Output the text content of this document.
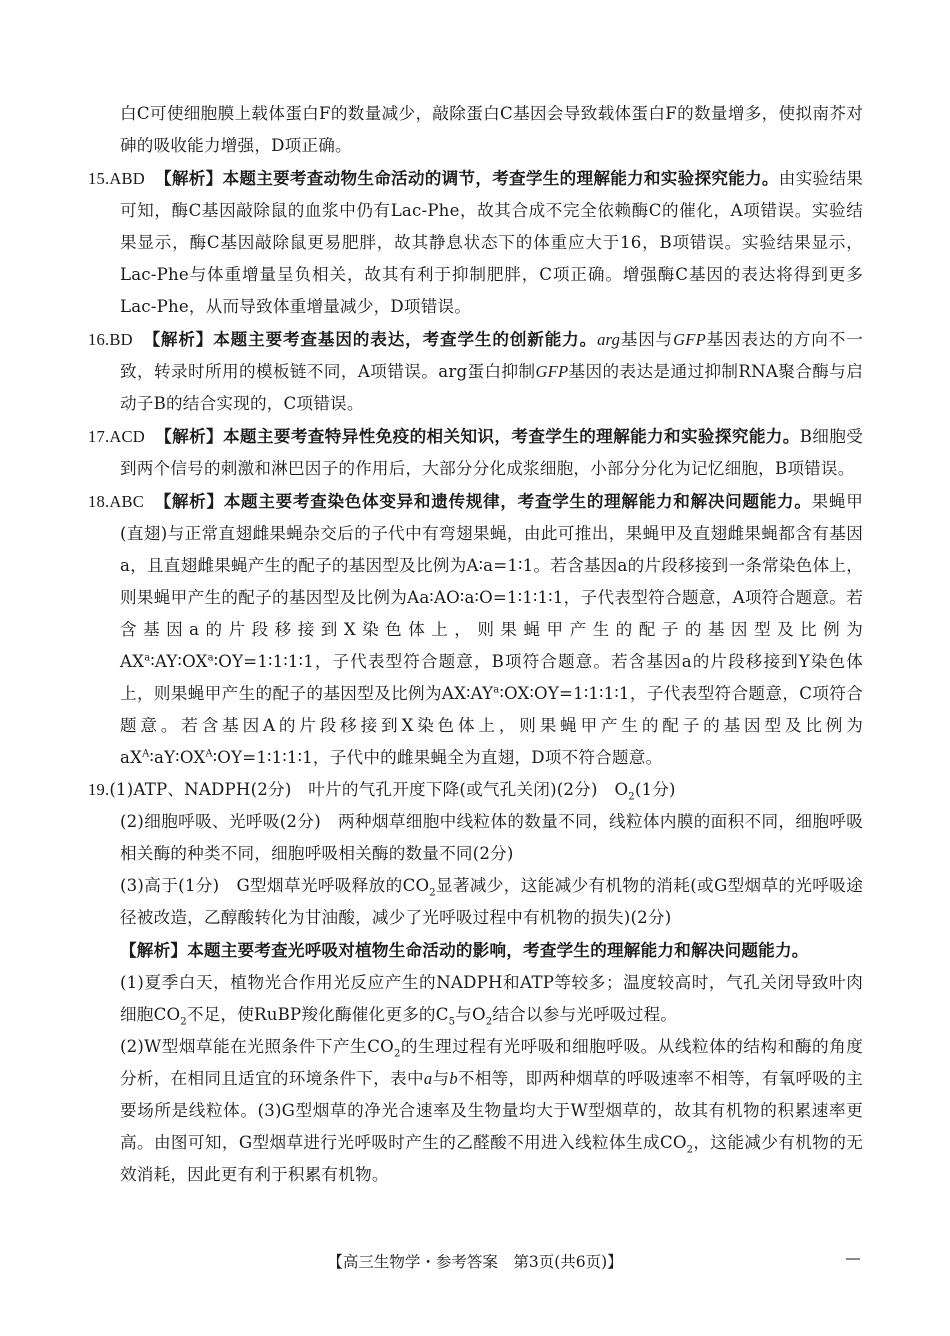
白C可使细胞膜上载体蛋白F的数量减少，敲除蛋白C基因会导致载体蛋白F的数量增多，使拟南芥对砷的吸收能力增强，D项正确。

15.ABD 【解析】本题主要考查动物生命活动的调节，考查学生的理解能力和实验探究能力。由实验结果可知，酶C基因敲除鼠的血浆中仍有Lac-Phe，故其合成不完全依赖酶C的催化，A项错误。实验结果显示，酶C基因敲除鼠更易肥胖，故其静息状态下的体重应大于16，B项错误。实验结果显示，Lac-Phe与体重增量呈负相关，故其有利于抑制肥胖，C项正确。增强酶C基因的表达将得到更多Lac-Phe，从而导致体重增量减少，D项错误。

16.BD 【解析】本题主要考查基因的表达，考查学生的创新能力。arg基因与GFP基因表达的方向不一致，转录时所用的模板链不同，A项错误。arg蛋白抑制GFP基因的表达是通过抑制RNA聚合酶与启动子B的结合实现的，C项错误。

17.ACD 【解析】本题主要考查特异性免疫的相关知识，考查学生的理解能力和实验探究能力。B细胞受到两个信号的刺激和淋巴因子的作用后，大部分分化成浆细胞，小部分分化为记忆细胞，B项错误。

18.ABC 【解析】本题主要考查染色体变异和遗传规律，考查学生的理解能力和解决问题能力。果蝇甲(直翅)与正常直翅雌果蝇杂交后的子代中有弯翅果蝇，由此可推出，果蝇甲及直翅雌果蝇都含有基因a，且直翅雌果蝇产生的配子的基因型及比例为A∶a=1∶1。若含基因a的片段移接到一条常染色体上，则果蝇甲产生的配子的基因型及比例为Aa∶AO∶a∶O=1∶1∶1∶1，子代表型符合题意，A项符合题意。若含基因a的片段移接到X染色体上，则果蝇甲产生的配子的基因型及比例为$AX^a∶AY∶OX^a∶OY=1∶1∶1∶1$，子代表型符合题意，B项符合题意。若含基因a的片段移接到Y染色体上，则果蝇甲产生的配子的基因型及比例为$AX∶AY^a∶OX∶OY=1∶1∶1∶1$，子代表型符合题意，C项符合题意。若含基因A的片段移接到X染色体上，则果蝇甲产生的配子的基因型及比例为$aX^A∶aY∶OX^A∶OY=1∶1∶1∶1$，子代中的雌果蝇全为直翅，D项不符合题意。

19.(1)ATP、NADPH(2分)　叶片的气孔开度下降(或气孔关闭)(2分)　$O_2(1$分)

(2)细胞呼吸、光呼吸(2分)　两种烟草细胞中线粒体的数量不同，线粒体内膜的面积不同，细胞呼吸相关酶的种类不同，细胞呼吸相关酶的数量不同(2分)

(3)高于(1分)　G型烟草光呼吸释放的$CO_2$显著减少，这能减少有机物的消耗(或G型烟草的光呼吸途径被改造，乙醇酸转化为甘油酸，减少了光呼吸过程中有机物的损失)(2分)

【解析】本题主要考查光呼吸对植物生命活动的影响，考查学生的理解能力和解决问题能力。

(1)夏季白天，植物光合作用光反应产生的NADPH和ATP等较多；温度较高时，气孔关闭导致叶肉细胞$CO_2$不足，使RuBP羧化酶催化更多的$C_5$与$O_2$结合以参与光呼吸过程。

(2)W型烟草能在光照条件下产生$CO_2$的生理过程有光呼吸和细胞呼吸。从线粒体的结构和酶的角度分析，在相同且适宜的环境条件下，表中a与b不相等，即两种烟草的呼吸速率不相等，有氧呼吸的主要场所是线粒体。(3)G型烟草的净光合速率及生物量均大于W型烟草的，故其有机物的积累速率更高。由图可知，G型烟草进行光呼吸时产生的乙醛酸不用进入线粒体生成$CO_2$，这能减少有机物的无效消耗，因此更有利于积累有机物。

【高三生物学・参考答案　第3页(共6页)】
